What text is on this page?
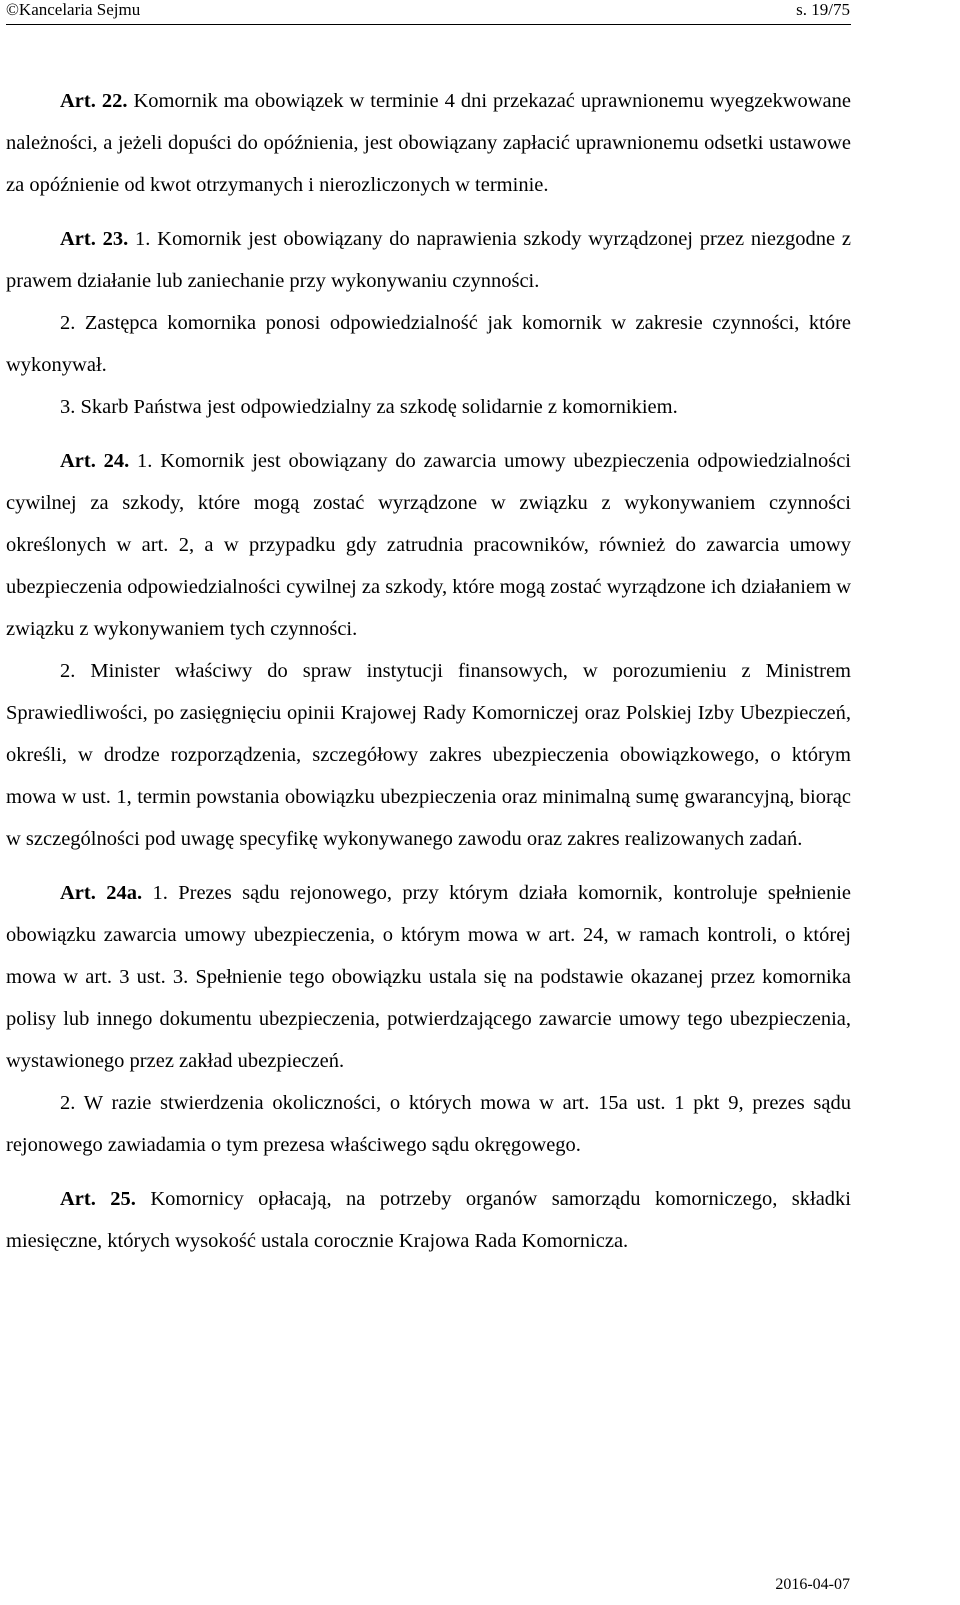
©Kancelaria Sejmu	s. 19/75

Art. 22. Komornik ma obowiązek w terminie 4 dni przekazać uprawnionemu wyegzekwowane należności, a jeżeli dopuści do opóźnienia, jest obowiązany zapłacić uprawnionemu odsetki ustawowe za opóźnienie od kwot otrzymanych i nierozliczonych w terminie.

Art. 23. 1. Komornik jest obowiązany do naprawienia szkody wyrządzonej przez niezgodne z prawem działanie lub zaniechanie przy wykonywaniu czynności.

2. Zastępca komornika ponosi odpowiedzialność jak komornik w zakresie czynności, które wykonywał.

3. Skarb Państwa jest odpowiedzialny za szkodę solidarnie z komornikiem.

Art. 24. 1. Komornik jest obowiązany do zawarcia umowy ubezpieczenia odpowiedzialności cywilnej za szkody, które mogą zostać wyrządzone w związku z wykonywaniem czynności określonych w art. 2, a w przypadku gdy zatrudnia pracowników, również do zawarcia umowy ubezpieczenia odpowiedzialności cywilnej za szkody, które mogą zostać wyrządzone ich działaniem w związku z wykonywaniem tych czynności.

2. Minister właściwy do spraw instytucji finansowych, w porozumieniu z Ministrem Sprawiedliwości, po zasięgnięciu opinii Krajowej Rady Komorniczej oraz Polskiej Izby Ubezpieczeń, określi, w drodze rozporządzenia, szczegółowy zakres ubezpieczenia obowiązkowego, o którym mowa w ust. 1, termin powstania obowiązku ubezpieczenia oraz minimalną sumę gwarancyjną, biorąc w szczególności pod uwagę specyfikę wykonywanego zawodu oraz zakres realizowanych zadań.

Art. 24a. 1. Prezes sądu rejonowego, przy którym działa komornik, kontroluje spełnienie obowiązku zawarcia umowy ubezpieczenia, o którym mowa w art. 24, w ramach kontroli, o której mowa w art. 3 ust. 3. Spełnienie tego obowiązku ustala się na podstawie okazanej przez komornika polisy lub innego dokumentu ubezpieczenia, potwierdzającego zawarcie umowy tego ubezpieczenia, wystawionego przez zakład ubezpieczeń.

2. W razie stwierdzenia okoliczności, o których mowa w art. 15a ust. 1 pkt 9, prezes sądu rejonowego zawiadamia o tym prezesa właściwego sądu okręgowego.

Art. 25. Komornicy opłacają, na potrzeby organów samorządu komorniczego, składki miesięczne, których wysokość ustala corocznie Krajowa Rada Komornicza.

2016-04-07
